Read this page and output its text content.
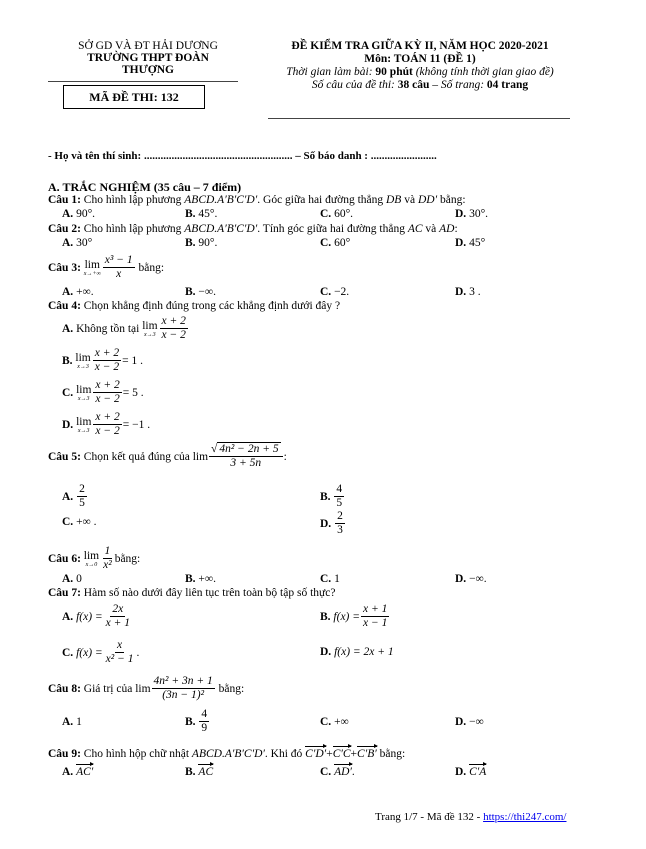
SỞ GD VÀ ĐT HẢI DƯƠNG
TRƯỜNG THPT ĐOÀN
THƯỢNG
MÃ ĐỀ THI: 132
ĐỀ KIỂM TRA GIỮA KỲ II, NĂM HỌC 2020-2021
Môn: TOÁN 11 (ĐỀ 1)
Thời gian làm bài: 90 phút (không tính thời gian giao đề)
Số câu của đề thi: 38 câu – Số trang: 04 trang
- Họ và tên thí sinh: ...................................................... – Số báo danh : ........................
A. TRẮC NGHIỆM (35 câu – 7 điểm)
Câu 1: Cho hình lập phương ABCD.A′B′C′D′. Góc giữa hai đường thẳng DB và DD′ bằng:
A. 90°.	B. 45°.	C. 60°.	D. 30°.
Câu 2: Cho hình lập phương ABCD.A′B′C′D′. Tính góc giữa hai đường thẳng AC và AD:
A. 30°	B. 90°.	C. 60°	D. 45°
Câu 3:
lim
$x\to+\infty \frac{\text{x³ − 1}}{x}$
bằng:
A. +∞.	B. −∞.	C. −2.	D. 3 .
Câu 4: Chọn khẳng định đúng trong các khẳng định dưới đây ?
A.
Không tồn tại
lim
$x\to 3 \frac{x + 2}{x - 2}$
B.
lim
$x\to 3 \frac{x + 2}{x - 2} = 1$ .
C.
lim
$x\to 3 \frac{x + 2}{x - 2} = 5$ .
D.
lim
$x\to 3 \frac{x + 2}{x - 2} = -1$ .
Câu 5:
Chọn kết quả đúng của
$\lim \frac{\text{√ 4n² − 2n + 5}}{3 + 5n}$ :
A.
$\frac{2}{5}$	B.
$\frac{4}{5}$
C. +∞ .	D.
$\frac{2}{3}$
Câu 6:
lim
$x\to 0 \frac{1}{\text{x²}}$ bằng:
A. 0	B. +∞.	C. 1	D. −∞.
Câu 7: Hàm số nào dưới đây liên tục trên toàn bộ tập số thực?
A.
$f(x) = \frac{2x}{x + 1}$	B.
$f(x) = \frac{x + 1}{x - 1}$
C.
$f(x) = \frac{x}{\text{x² − 1}}$ .	D. f(x) = 2x + 1
Câu 8:
Giá trị của
$\lim \frac{\text{4n² + 3n + 1}}{\text{(3n − 1)²}}$
bằng:
A. 1	B.
$\frac{4}{9}$	C. +∞	D. −∞
Câu 9: Cho hình hộp chữ nhật ABCD.A′B′C′D′. Khi đó C′D′+C′C+C′B′ bằng:
A. AC′	B. AC	C. AD′.	D. C′A
Trang 1/7 - Mã đề 132 - https://thi247.com/
